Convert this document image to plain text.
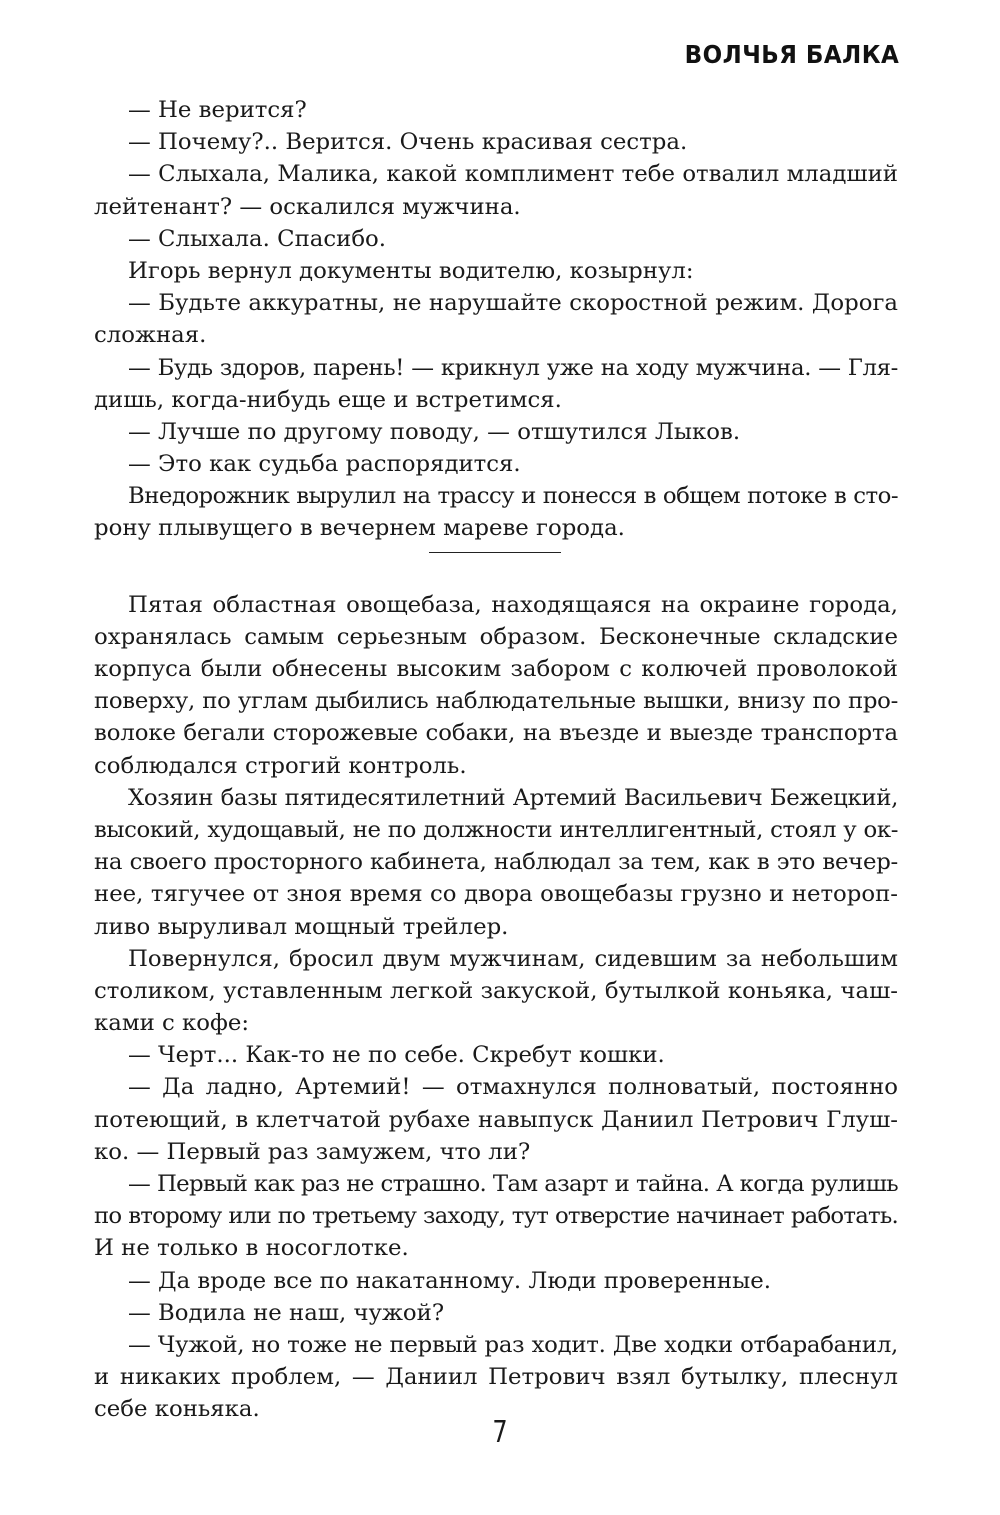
ВОЛЧЬЯ БАЛКА
— Не верится?
— Почему?.. Верится. Очень красивая сестра.
— Слыхала, Малика, какой комплимент тебе отвалил младший
лейтенант? — оскалился мужчина.
— Слыхала. Спасибо.
Игорь вернул документы водителю, козырнул:
— Будьте аккуратны, не нарушайте скоростной режим. Дорога
сложная.
— Будь здоров, парень! — крикнул уже на ходу мужчина. — Гля-
дишь, когда-нибудь еще и встретимся.
— Лучше по другому поводу, — отшутился Лыков.
— Это как судьба распорядится.
Внедорожник вырулил на трассу и понесся в общем потоке в сто-
рону плывущего в вечернем мареве города.
Пятая областная овощебаза, находящаяся на окраине города,
охранялась самым серьезным образом. Бесконечные складские
корпуса были обнесены высоким забором с колючей проволокой
поверху, по углам дыбились наблюдательные вышки, внизу по про-
волоке бегали сторожевые собаки, на въезде и выезде транспорта
соблюдался строгий контроль.
Хозяин базы пятидесятилетний Артемий Васильевич Бежецкий,
высокий, худощавый, не по должности интеллигентный, стоял у ок-
на своего просторного кабинета, наблюдал за тем, как в это вечер-
нее, тягучее от зноя время со двора овощебазы грузно и нетороп-
ливо выруливал мощный трейлер.
Повернулся, бросил двум мужчинам, сидевшим за небольшим
столиком, уставленным легкой закуской, бутылкой коньяка, чаш-
ками с кофе:
— Черт... Как-то не по себе. Скребут кошки.
— Да ладно, Артемий! — отмахнулся полноватый, постоянно
потеющий, в клетчатой рубахе навыпуск Даниил Петрович Глуш-
ко. — Первый раз замужем, что ли?
— Первый как раз не страшно. Там азарт и тайна. А когда рулишь
по второму или по третьему заходу, тут отверстие начинает работать.
И не только в носоглотке.
— Да вроде все по накатанному. Люди проверенные.
— Водила не наш, чужой?
— Чужой, но тоже не первый раз ходит. Две ходки отбарабанил,
и никаких проблем, — Даниил Петрович взял бутылку, плеснул
себе коньяка.
7
